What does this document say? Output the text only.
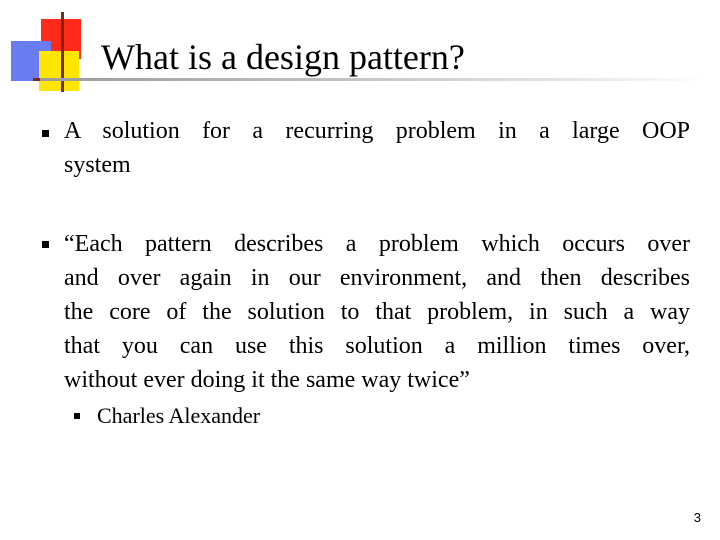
What is a design pattern?
A solution for a recurring problem in a large OOP
system
“Each pattern describes a problem which occurs over
and over again in our environment, and then describes
the core of the solution to that problem, in such a way
that you can use this solution a million times over,
without ever doing it the same way twice”
Charles Alexander
3
